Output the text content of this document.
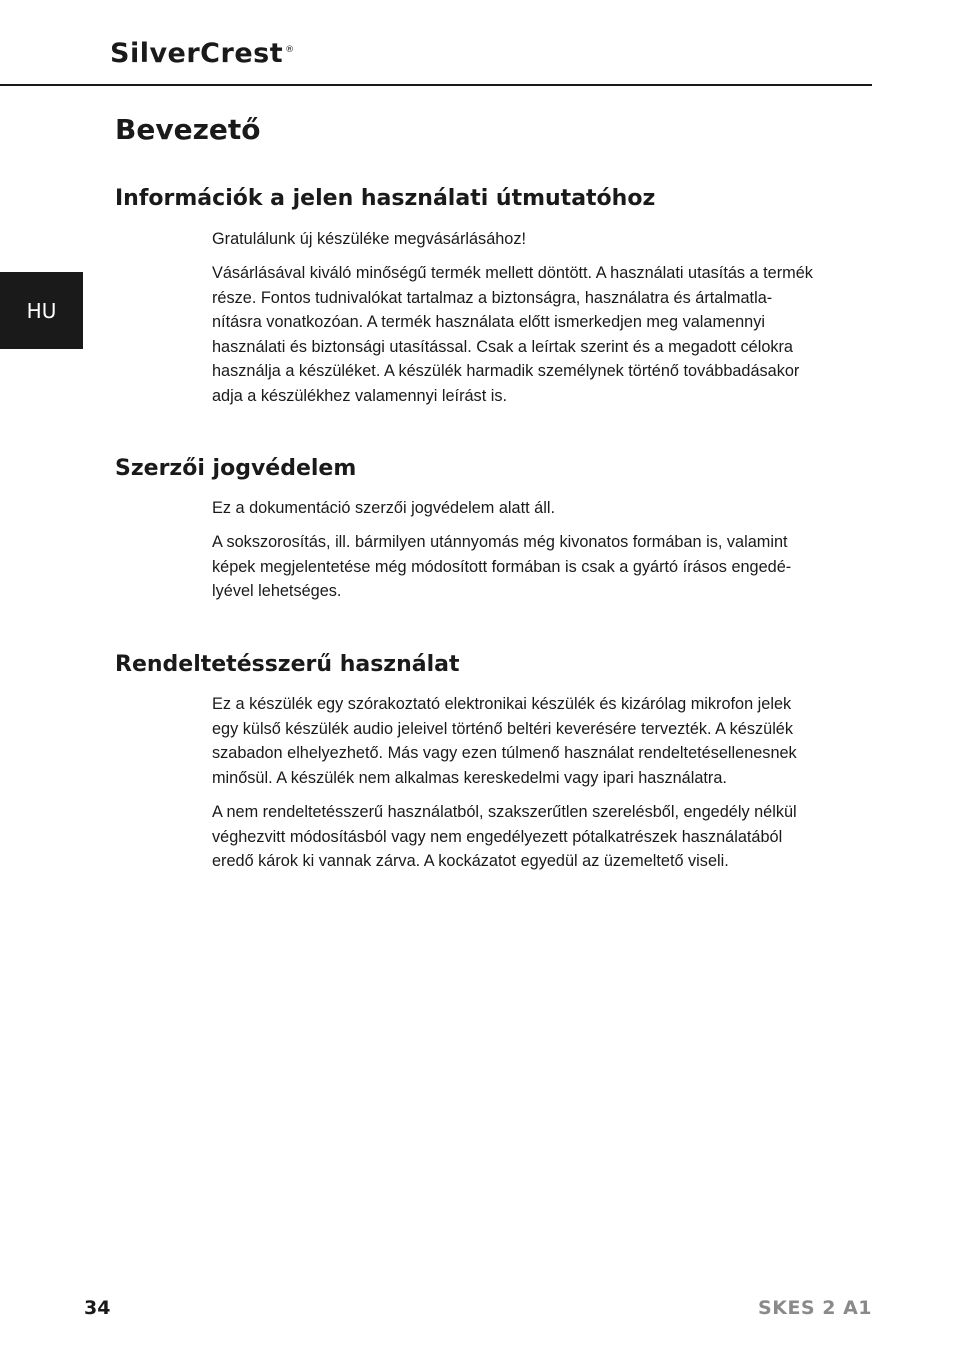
SilverCrest ®
HU
Bevezető
Információk a jelen használati útmutatóhoz

Gratulálunk új készüléke megvásárlásához!

Vásárlásával kiváló minőségű termék mellett döntött. A használati utasítás a termék
része. Fontos tudnivalókat tartalmaz a biztonságra, használatra és ártalmatla-
nításra vonatkozóan. A termék használata előtt ismerkedjen meg valamennyi
használati és biztonsági utasítással. Csak a leírtak szerint és a megadott célokra
használja a készüléket. A készülék harmadik személynek történő továbbadásakor
adja a készülékhez valamennyi leírást is.

Szerzői jogvédelem

Ez a dokumentáció szerzői jogvédelem alatt áll.

A sokszorosítás, ill. bármilyen utánnyomás még kivonatos formában is, valamint
képek megjelentetése még módosított formában is csak a gyártó írásos engedé-
lyével lehetséges.

Rendeltetésszerű használat

Ez a készülék egy szórakoztató elektronikai készülék és kizárólag mikrofon jelek
egy külső készülék audio jeleivel történő beltéri keverésére tervezték. A készülék
szabadon elhelyezhető. Más vagy ezen túlmenő használat rendeltetésellenesnek
minősül. A készülék nem alkalmas kereskedelmi vagy ipari használatra.

A nem rendeltetésszerű használatból, szakszerűtlen szerelésből, engedély nélkül
véghezvitt módosításból vagy nem engedélyezett pótalkatrészek használatából
eredő károk ki vannak zárva. A kockázatot egyedül az üzemeltető viseli.

34	SKES 2 A1
